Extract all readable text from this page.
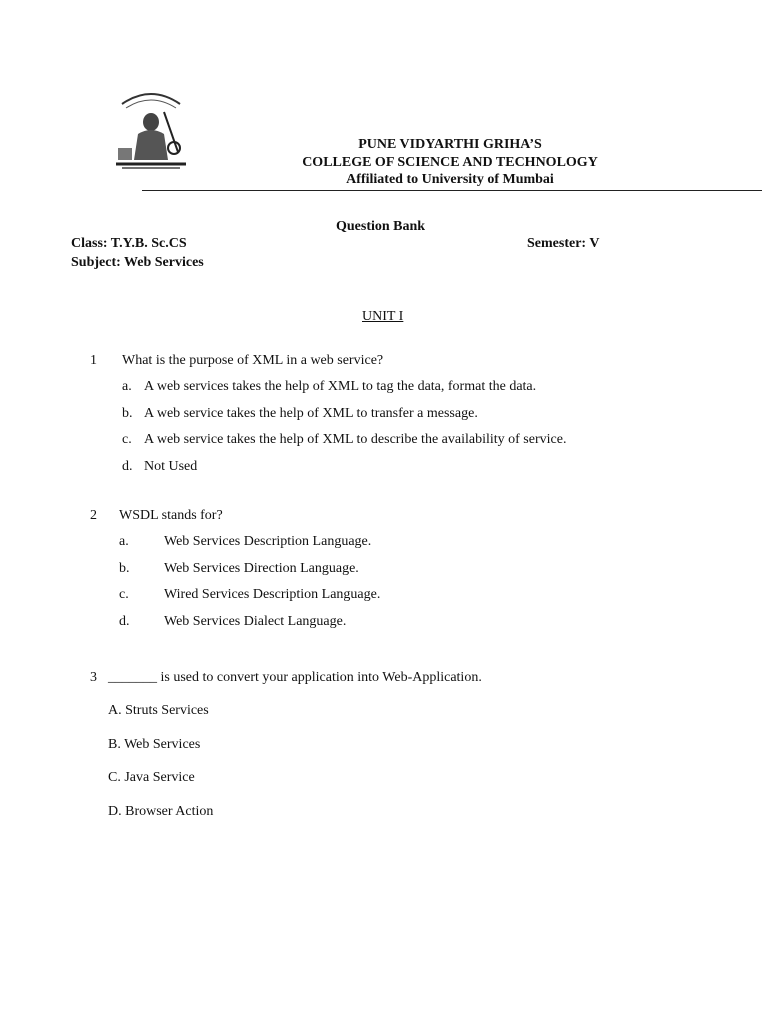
PUNE VIDYARTHI GRIHA’S
COLLEGE OF SCIENCE AND TECHNOLOGY
Affiliated to University of Mumbai
Question Bank
Class: T.Y.B. Sc.CS	Semester: V
Subject: Web Services
UNIT I
1 What is the purpose of XML in a web service?
a. A web services takes the help of XML to tag the data, format the data.
b. A web service takes the help of XML to transfer a message.
c. A web service takes the help of XML to describe the availability of service.
d. Not Used
2 WSDL stands for?
a.	Web Services Description Language.
b. Web Services Direction Language.
c.	Wired Services Description Language.
d. Web Services Dialect Language.
3 _______ is used to convert your application into Web-Application.
A. Struts Services
B. Web Services
C. Java Service
D. Browser Action
